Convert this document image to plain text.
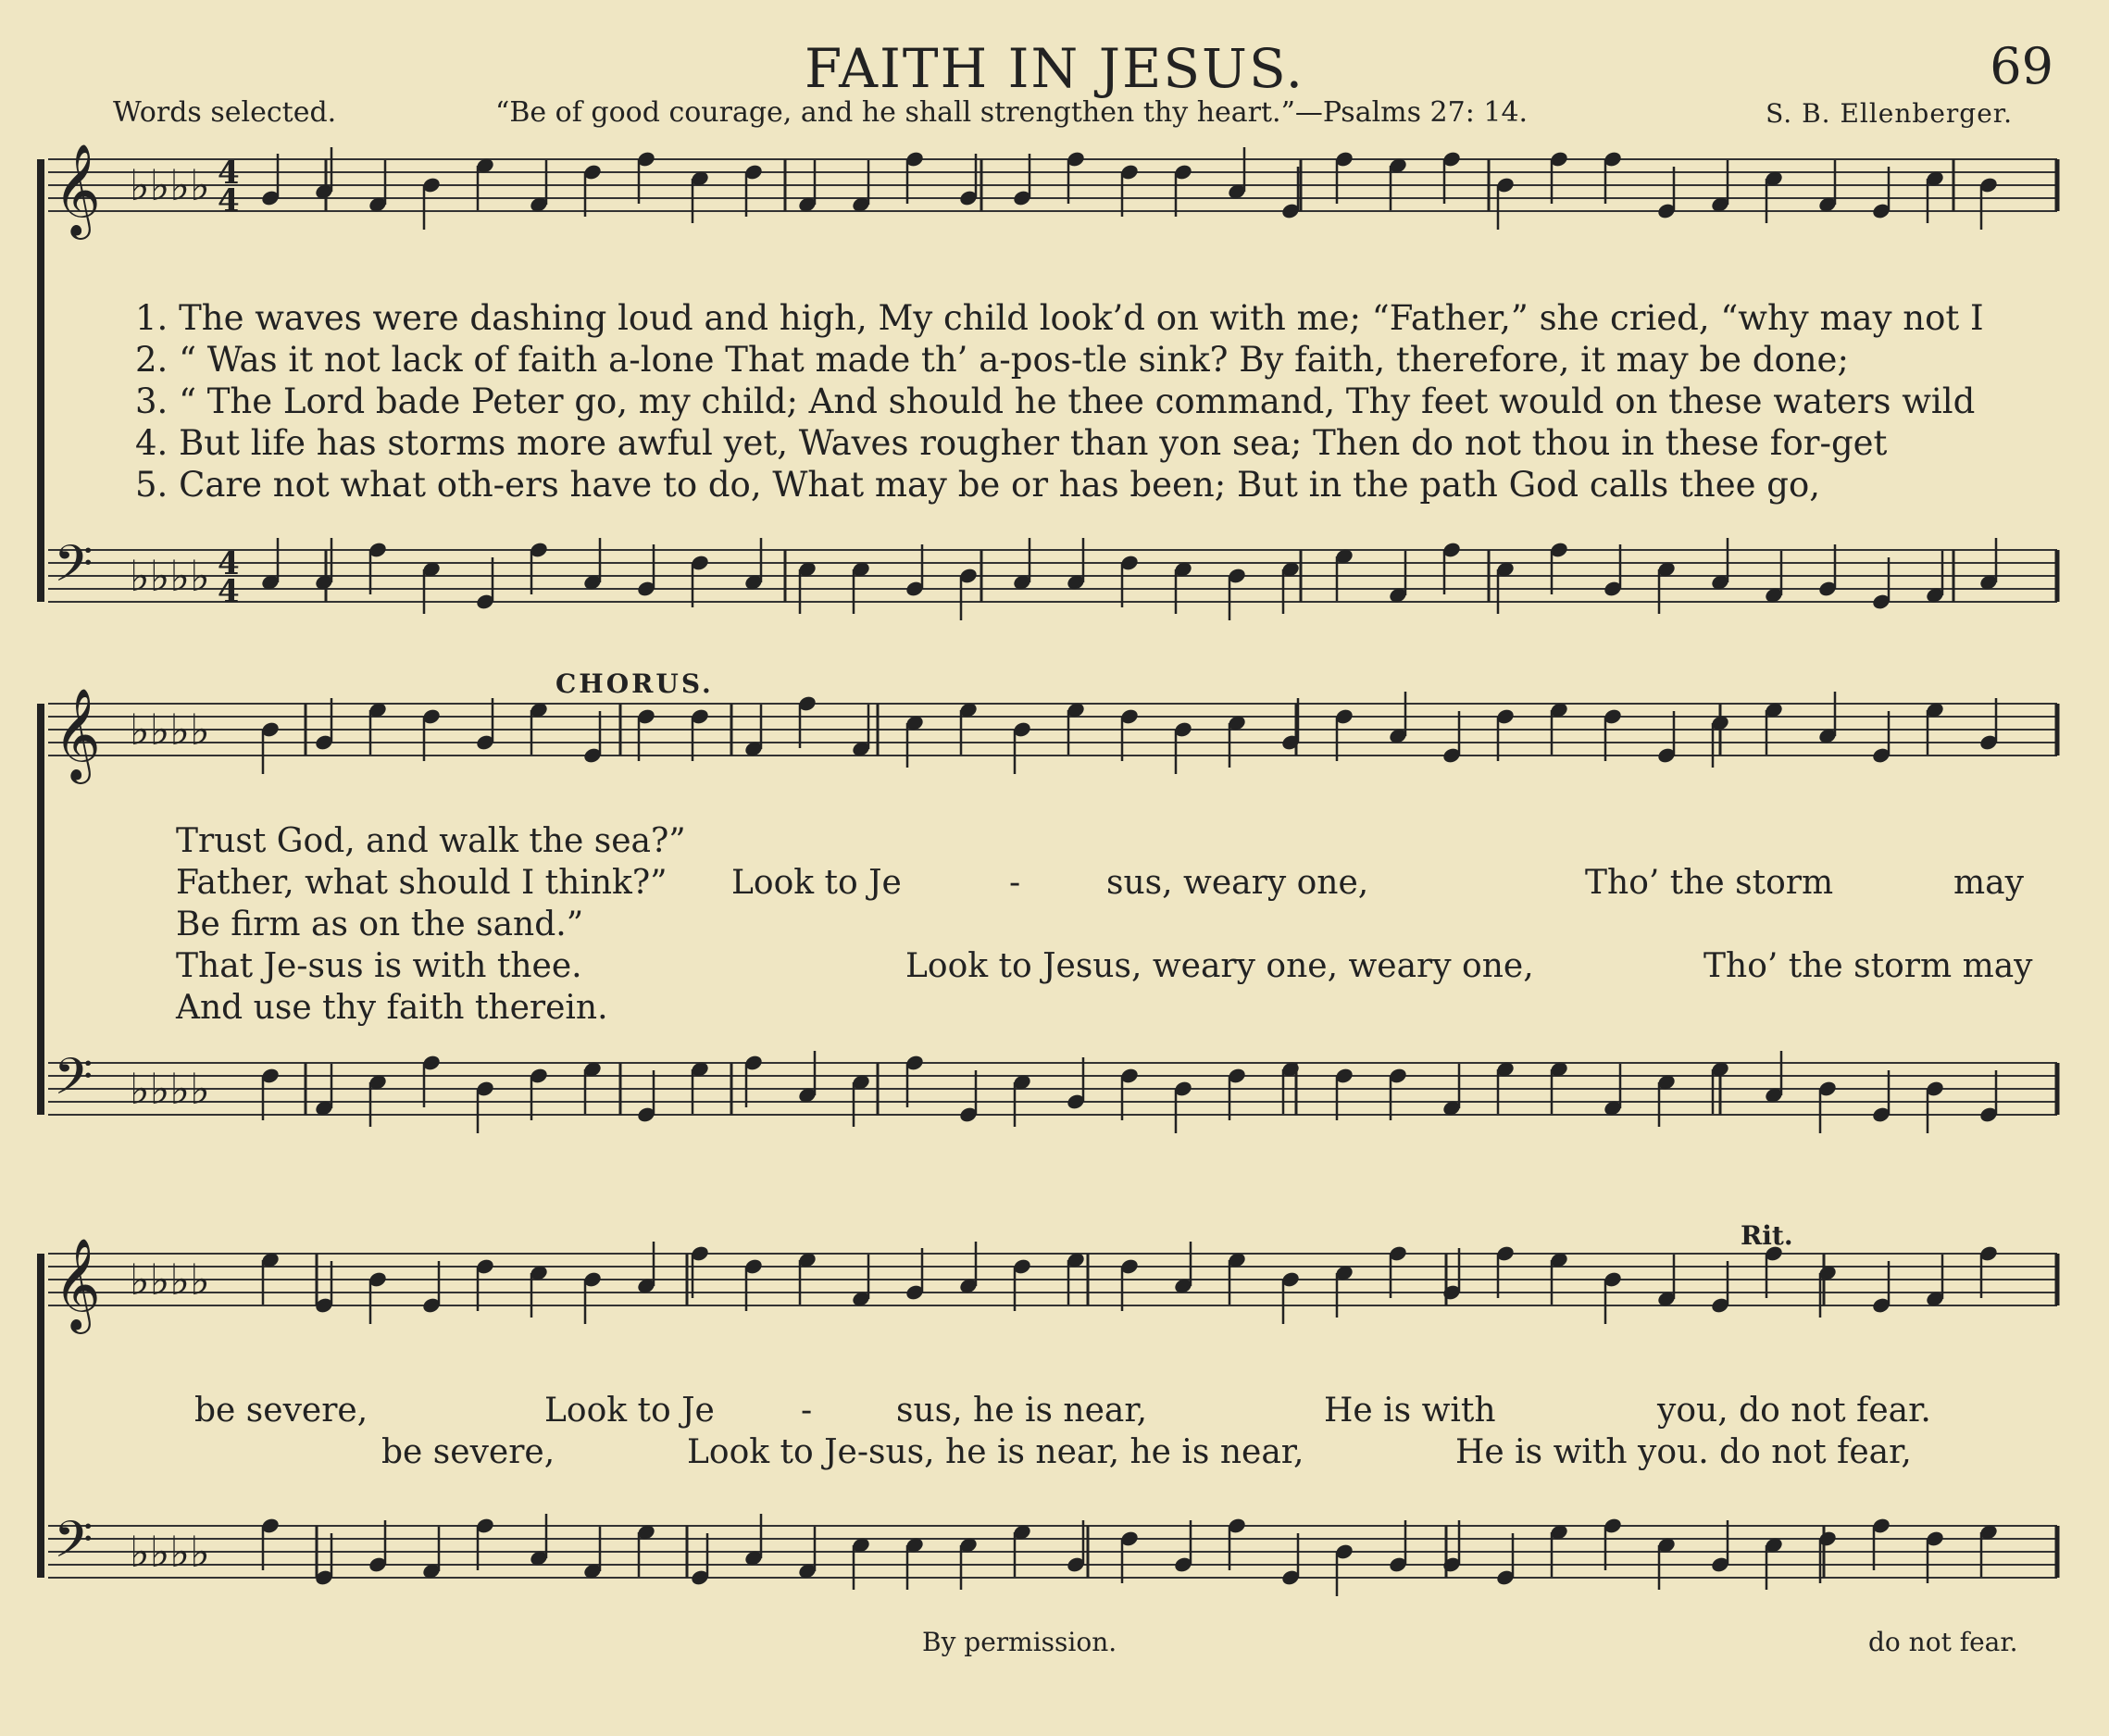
FAITH IN JESUS.	69
Words selected.	“Be of good courage, and he shall strengthen thy heart.”—Psalms 27: 14.	S. B. Ellenberger.
𝄞 ♭♭♭♭
𝄢 ♭♭♭♭
𝄞 ♭♭♭♭
𝄢 ♭♭♭♭
𝄞 ♭♭♭♭
𝄢 ♭♭♭♭
4
4
4
4
1. The waves were dashing loud and high, My child look’d on with me; “Father,” she cried, “why may not I
2. “ Was it not lack of faith a-lone That made th’ a-pos-tle sink? By faith, therefore, it may be done;
3. “ The Lord bade Peter go, my child; And should he thee command, Thy feet would on these waters wild
4. But life has storms more awful yet, Waves rougher than yon sea; Then do not thou in these for-get
5. Care not what oth-ers have to do, What may be or has been; But in the path God calls thee go,
CHORUS.
Trust God, and walk the sea?”
Father, what should I think?”
Be firm as on the sand.”
That Je-sus is with thee.
And use thy faith therein.
Look to Je	-	sus, weary one,	Tho’ the storm	may
Look to Jesus, weary one, weary one,	Tho’ the storm may
Rit.
be severe,	Look to Je	-	sus, he is near,	He is with	you, do not fear.
be severe,	Look to Je-sus, he is near, he is near,	He is with you. do not fear,
By permission.	do not fear.
